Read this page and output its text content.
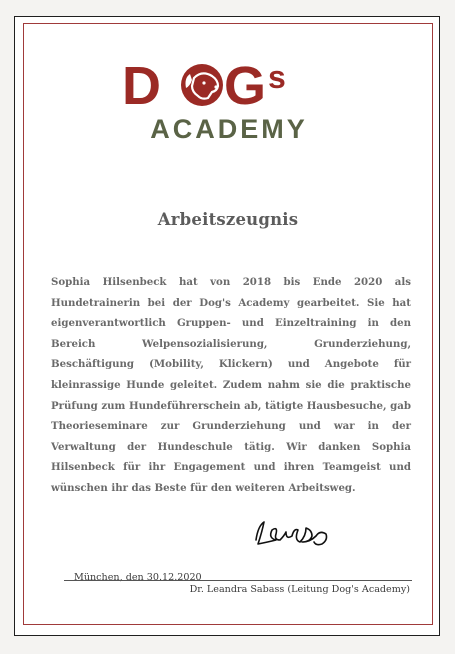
D G s
ACADEMY
Arbeitszeugnis

Sophia Hilsenbeck hat von 2018 bis Ende 2020 als Hundetrainerin bei der Dog's Academy gearbeitet. Sie hat eigenverantwortlich Gruppen- und Einzeltraining in den Bereich Welpensozialisierung, Grunderziehung, Beschäftigung (Mobility, Klickern) und Angebote für kleinrassige Hunde geleitet. Zudem nahm sie die praktische Prüfung zum Hundeführerschein ab, tätigte Hausbesuche, gab Theorieseminare zur Grunderziehung und war in der Verwaltung der Hundeschule tätig. Wir danken Sophia Hilsenbeck für ihr Engagement und ihren Teamgeist und wünschen ihr das Beste für den weiteren Arbeitsweg.

München, den 30.12.2020
Dr. Leandra Sabass (Leitung Dog's Academy)
